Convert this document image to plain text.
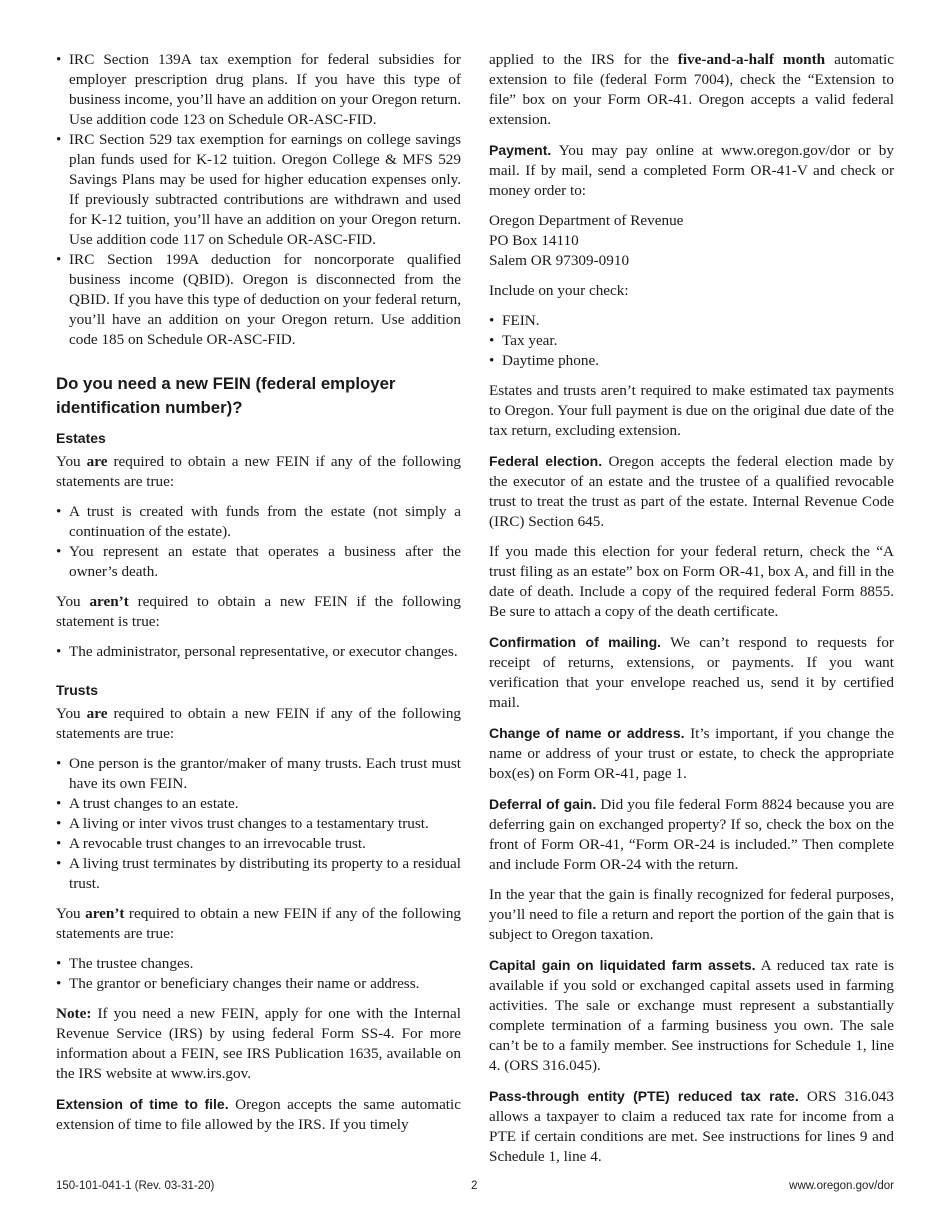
• IRC Section 139A tax exemption for federal subsidies for employer prescription drug plans. If you have this type of business income, you’ll have an addition on your Oregon return. Use addition code 123 on Schedule OR-ASC-FID.
• IRC Section 529 tax exemption for earnings on college savings plan funds used for K-12 tuition. Oregon College & MFS 529 Savings Plans may be used for higher education expenses only. If previously subtracted contributions are withdrawn and used for K-12 tuition, you’ll have an addition on your Oregon return. Use addition code 117 on Schedule OR-ASC-FID.
• IRC Section 199A deduction for noncorporate qualified business income (QBID). Oregon is disconnected from the QBID. If you have this type of deduction on your federal return, you’ll have an addition on your Oregon return. Use addition code 185 on Schedule OR-ASC-FID.
Do you need a new FEIN (federal employer identification number)?
Estates

You are required to obtain a new FEIN if any of the following statements are true:

• A trust is created with funds from the estate (not simply a continuation of the estate).
• You represent an estate that operates a business after the owner’s death.

You aren’t required to obtain a new FEIN if the following statement is true:

• The administrator, personal representative, or executor changes.
Trusts

You are required to obtain a new FEIN if any of the following statements are true:

• One person is the grantor/maker of many trusts. Each trust must have its own FEIN.
• A trust changes to an estate.
• A living or inter vivos trust changes to a testamentary trust.
• A revocable trust changes to an irrevocable trust.
• A living trust terminates by distributing its property to a residual trust.

You aren’t required to obtain a new FEIN if any of the following statements are true:

• The trustee changes.
• The grantor or beneficiary changes their name or address.

Note: If you need a new FEIN, apply for one with the Internal Revenue Service (IRS) by using federal Form SS-4. For more information about a FEIN, see IRS Publication 1635, available on the IRS website at www.irs.gov.

Extension of time to file. Oregon accepts the same automatic extension of time to file allowed by the IRS. If you timely

applied to the IRS for the five-and-a-half month automatic extension to file (federal Form 7004), check the “Extension to file” box on your Form OR-41. Oregon accepts a valid federal extension.

Payment. You may pay online at www.oregon.gov/dor or by mail. If by mail, send a completed Form OR-41-V and check or money order to:

Oregon Department of Revenue
PO Box 14110
Salem OR 97309-0910

Include on your check:

• FEIN.
• Tax year.
• Daytime phone.

Estates and trusts aren’t required to make estimated tax payments to Oregon. Your full payment is due on the original due date of the tax return, excluding extension.

Federal election. Oregon accepts the federal election made by the executor of an estate and the trustee of a qualified revocable trust to treat the trust as part of the estate. Internal Revenue Code (IRC) Section 645.

If you made this election for your federal return, check the “A trust filing as an estate” box on Form OR-41, box A, and fill in the date of death. Include a copy of the required federal Form 8855. Be sure to attach a copy of the death certificate.

Confirmation of mailing. We can’t respond to requests for receipt of returns, extensions, or payments. If you want verification that your envelope reached us, send it by certified mail.

Change of name or address. It’s important, if you change the name or address of your trust or estate, to check the appropriate box(es) on Form OR-41, page 1.

Deferral of gain. Did you file federal Form 8824 because you are deferring gain on exchanged property? If so, check the box on the front of Form OR-41, “Form OR-24 is included.” Then complete and include Form OR-24 with the return.

In the year that the gain is finally recognized for federal purposes, you’ll need to file a return and report the portion of the gain that is subject to Oregon taxation.

Capital gain on liquidated farm assets. A reduced tax rate is available if you sold or exchanged capital assets used in farming activities. The sale or exchange must represent a substantially complete termination of a farming business you own. The sale can’t be to a family member. See instructions for Schedule 1, line 4. (ORS 316.045).

Pass-through entity (PTE) reduced tax rate. ORS 316.043 allows a taxpayer to claim a reduced tax rate for income from a PTE if certain conditions are met. See instructions for lines 9 and Schedule 1, line 4.

150-101-041-1 (Rev. 03-31-20)	2	www.oregon.gov/dor
